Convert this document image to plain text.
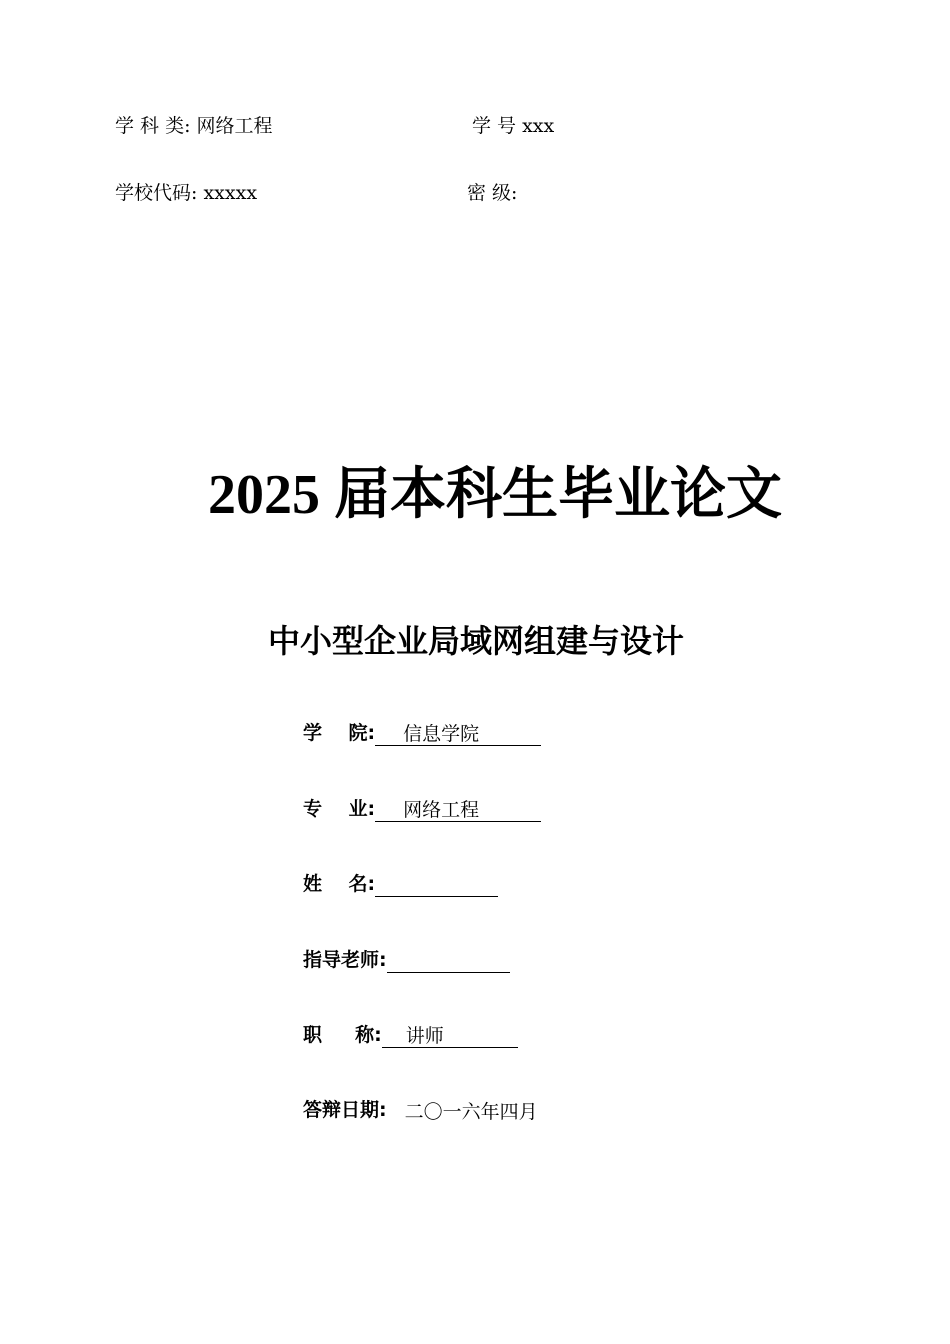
学 科 类: 网络工程	学 号 xxx
学校代码: xxxxx	密 级:
2025 届本科生毕业论文
中小型企业局域网组建与设计
学    院:	信息学院
专    业:	网络工程
姓    名:
指导老师:
职     称:	讲师
答辩日期: 二〇一六年四月
